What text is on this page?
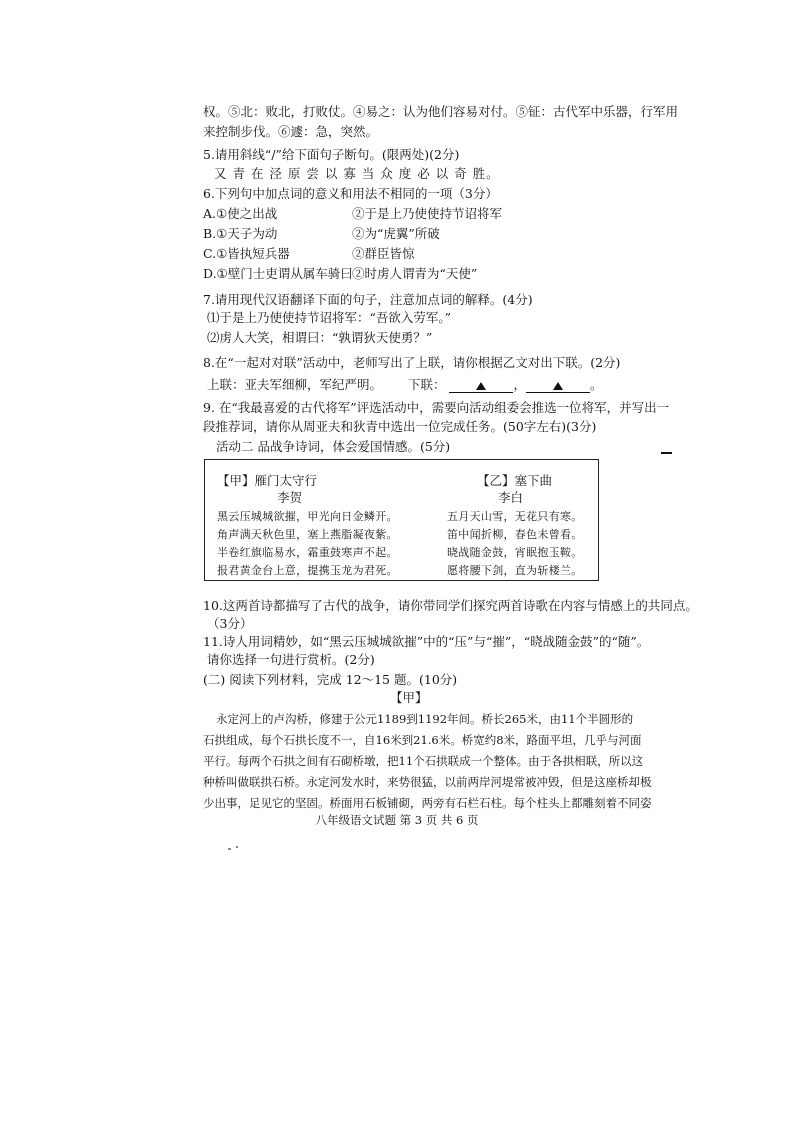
权。⑤北：败北，打败仗。④易之：认为他们容易对付。⑤钲：古代军中乐器，行军用
来控制步伐。⑥遽：急，突然。
5.请用斜线“/”给下面句子断句。(限两处)(2分)
又 青 在 泾 原 尝 以 寡 当 众 度 必 以 奇 胜。
6.下列句中加点词的意义和用法不相同的一项（3分）
A.①使之出战	②于是上乃使使持节诏将军
B.①天子为动	②为“虎翼”所破
C.①皆执短兵器	②群臣皆惊
D.①壁门士吏谓从属车骑曰 ②时虏人谓青为“天使”
7.请用现代汉语翻译下面的句子，注意加点词的解释。(4分)
⑴于是上乃使使持节诏将军：“吾欲入劳军。”
⑵虏人大笑，相谓曰：“孰谓狄天使勇？”
8.在“一起对对联”活动中，老师写出了上联，请你根据乙文对出下联。(2分)
上联：亚夫军细柳，军纪严明。 下联：	，	。
9. 在“我最喜爱的古代将军”评选活动中，需要向活动组委会推选一位将军，并写出一
段推荐词，请你从周亚夫和狄青中选出一位完成任务。(50字左右)(3分)
活动二 品战争诗词，体会爱国情感。(5分)
【甲】雁门太守行
李贺
黑云压城城欲摧，甲光向日金鳞开。
角声满天秋色里，塞上燕脂凝夜紫。
半卷红旗临易水，霜重鼓寒声不起。
报君黄金台上意，提携玉龙为君死。
【乙】塞下曲
李白
五月天山雪，无花只有寒。
笛中闻折柳，春色未曾看。
晓战随金鼓，宵眠抱玉鞍。
愿将腰下剑，直为斩楼兰。
10.这两首诗都描写了古代的战争，请你带同学们探究两首诗歌在内容与情感上的共同点。
（3分）
11.诗人用词精妙，如“黑云压城城欲摧”中的“压”与“摧”，“晓战随金鼓”的“随”。
请你选择一句进行赏析。(2分)
(二) 阅读下列材料，完成 12～15 题。(10分)
【甲】
永定河上的卢沟桥，修建于公元1189到1192年间。桥长265米，由11个半圆形的
石拱组成，每个石拱长度不一，自16米到21.6米。桥宽约8米，路面平坦，几乎与河面
平行。每两个石拱之间有石砌桥墩，把11个石拱联成一个整体。由于各拱相联，所以这
种桥叫做联拱石桥。永定河发水时，来势很猛，以前两岸河堤常被冲毁，但是这座桥却极
少出事，足见它的坚固。桥面用石板铺砌，两旁有石栏石柱。每个柱头上都雕刻着不同姿
八年级语文试题 第 3 页 共 6 页
